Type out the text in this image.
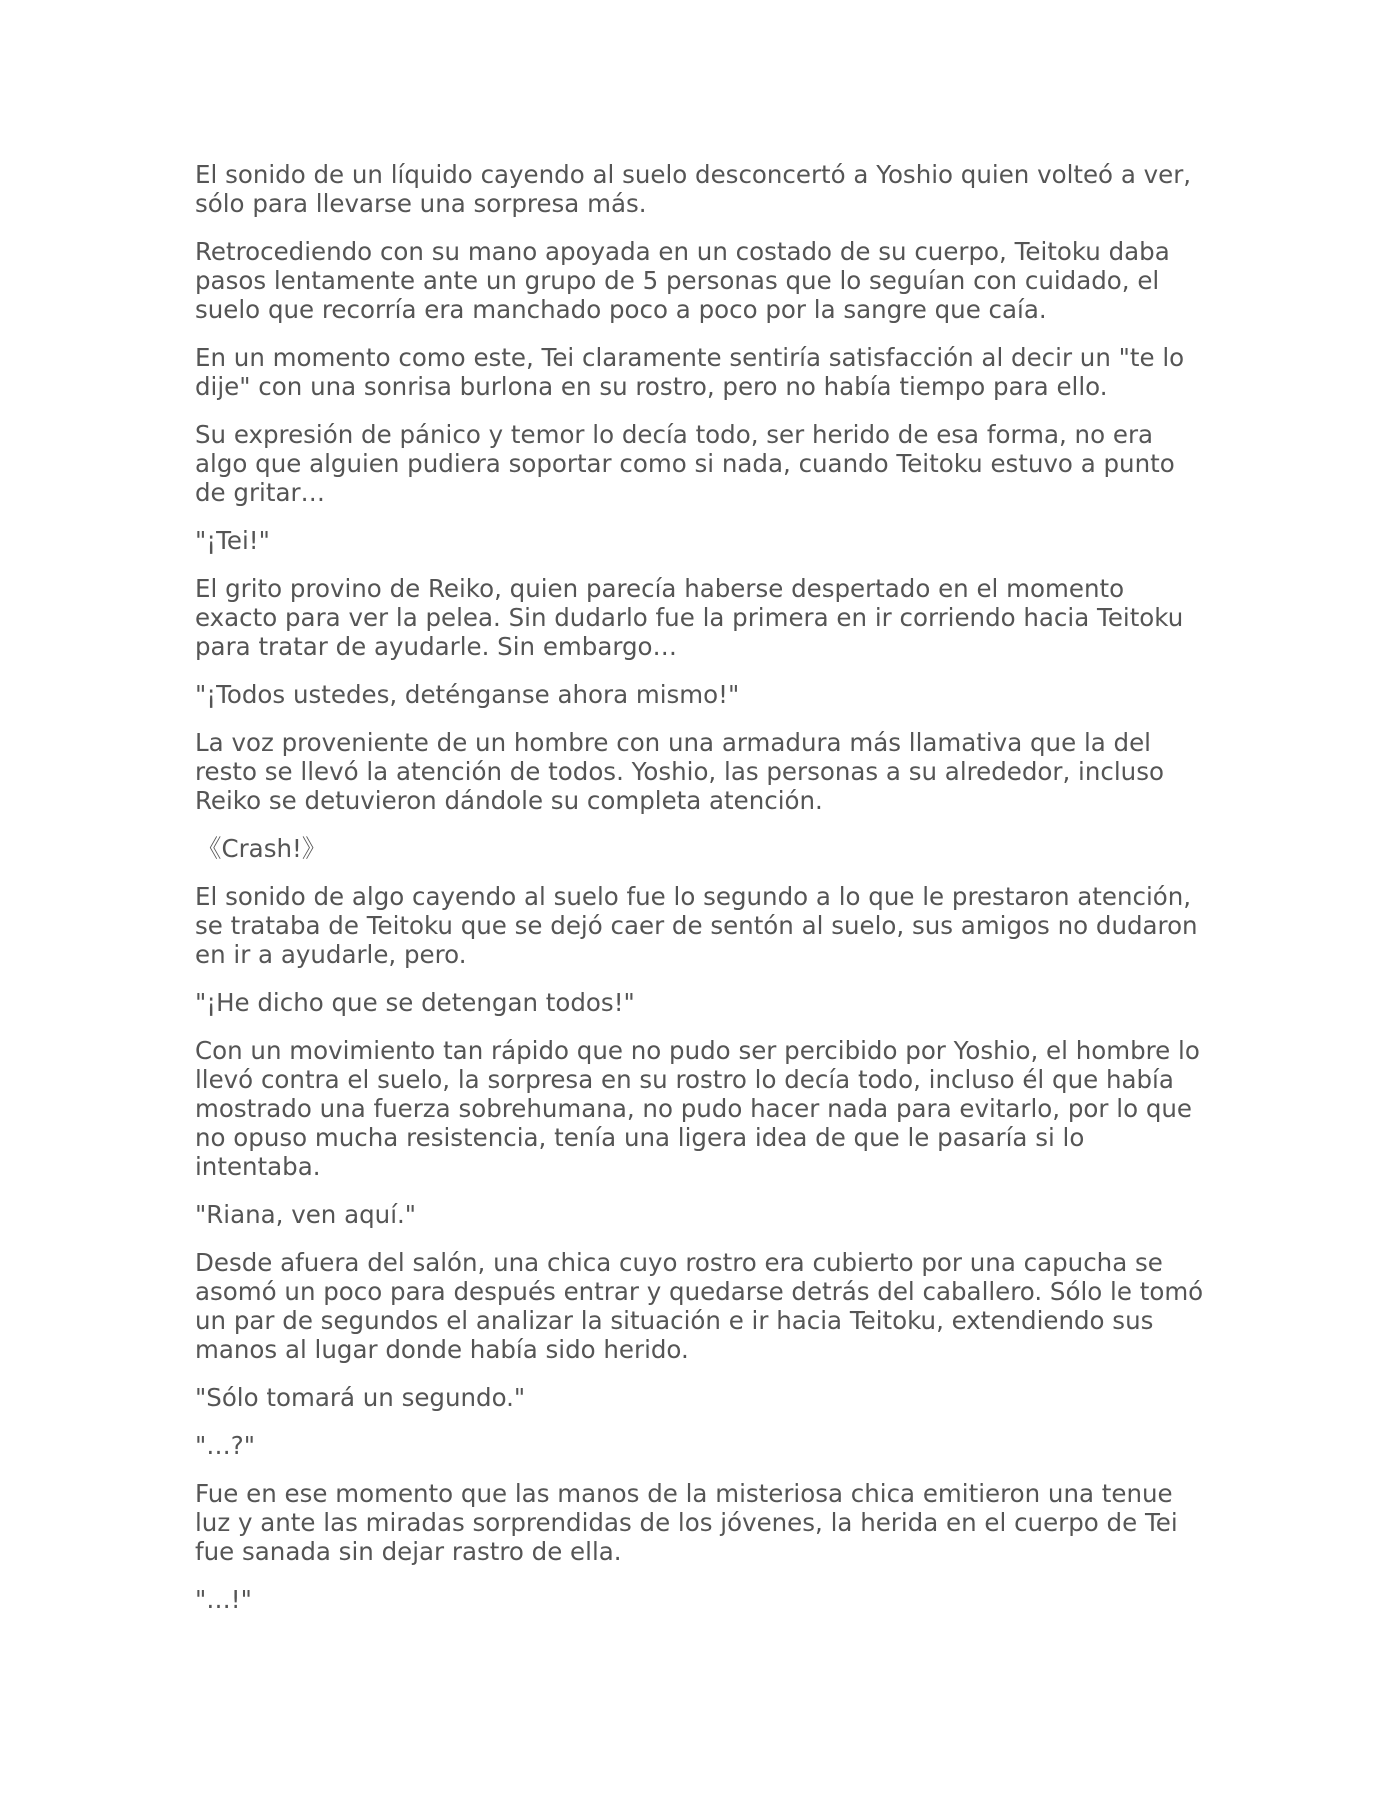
El sonido de un líquido cayendo al suelo desconcertó a Yoshio quien volteó a ver, sólo para llevarse una sorpresa más.

Retrocediendo con su mano apoyada en un costado de su cuerpo, Teitoku daba pasos lentamente ante un grupo de 5 personas que lo seguían con cuidado, el suelo que recorría era manchado poco a poco por la sangre que caía.

En un momento como este, Tei claramente sentiría satisfacción al decir un "te lo dije" con una sonrisa burlona en su rostro, pero no había tiempo para ello.

Su expresión de pánico y temor lo decía todo, ser herido de esa forma, no era algo que alguien pudiera soportar como si nada, cuando Teitoku estuvo a punto de gritar…

"¡Tei!"

El grito provino de Reiko, quien parecía haberse despertado en el momento exacto para ver la pelea. Sin dudarlo fue la primera en ir corriendo hacia Teitoku para tratar de ayudarle. Sin embargo…

"¡Todos ustedes, deténganse ahora mismo!"

La voz proveniente de un hombre con una armadura más llamativa que la del resto se llevó la atención de todos. Yoshio, las personas a su alrededor, incluso Reiko se detuvieron dándole su completa atención.

《Crash!》

El sonido de algo cayendo al suelo fue lo segundo a lo que le prestaron atención, se trataba de Teitoku que se dejó caer de sentón al suelo, sus amigos no dudaron en ir a ayudarle, pero.

"¡He dicho que se detengan todos!"

Con un movimiento tan rápido que no pudo ser percibido por Yoshio, el hombre lo llevó contra el suelo, la sorpresa en su rostro lo decía todo, incluso él que había mostrado una fuerza sobrehumana, no pudo hacer nada para evitarlo, por lo que no opuso mucha resistencia, tenía una ligera idea de que le pasaría si lo intentaba.

"Riana, ven aquí."

Desde afuera del salón, una chica cuyo rostro era cubierto por una capucha se asomó un poco para después entrar y quedarse detrás del caballero. Sólo le tomó un par de segundos el analizar la situación e ir hacia Teitoku, extendiendo sus manos al lugar donde había sido herido.

"Sólo tomará un segundo."

"…?"

Fue en ese momento que las manos de la misteriosa chica emitieron una tenue luz y ante las miradas sorprendidas de los jóvenes, la herida en el cuerpo de Tei fue sanada sin dejar rastro de ella.

"…!"
